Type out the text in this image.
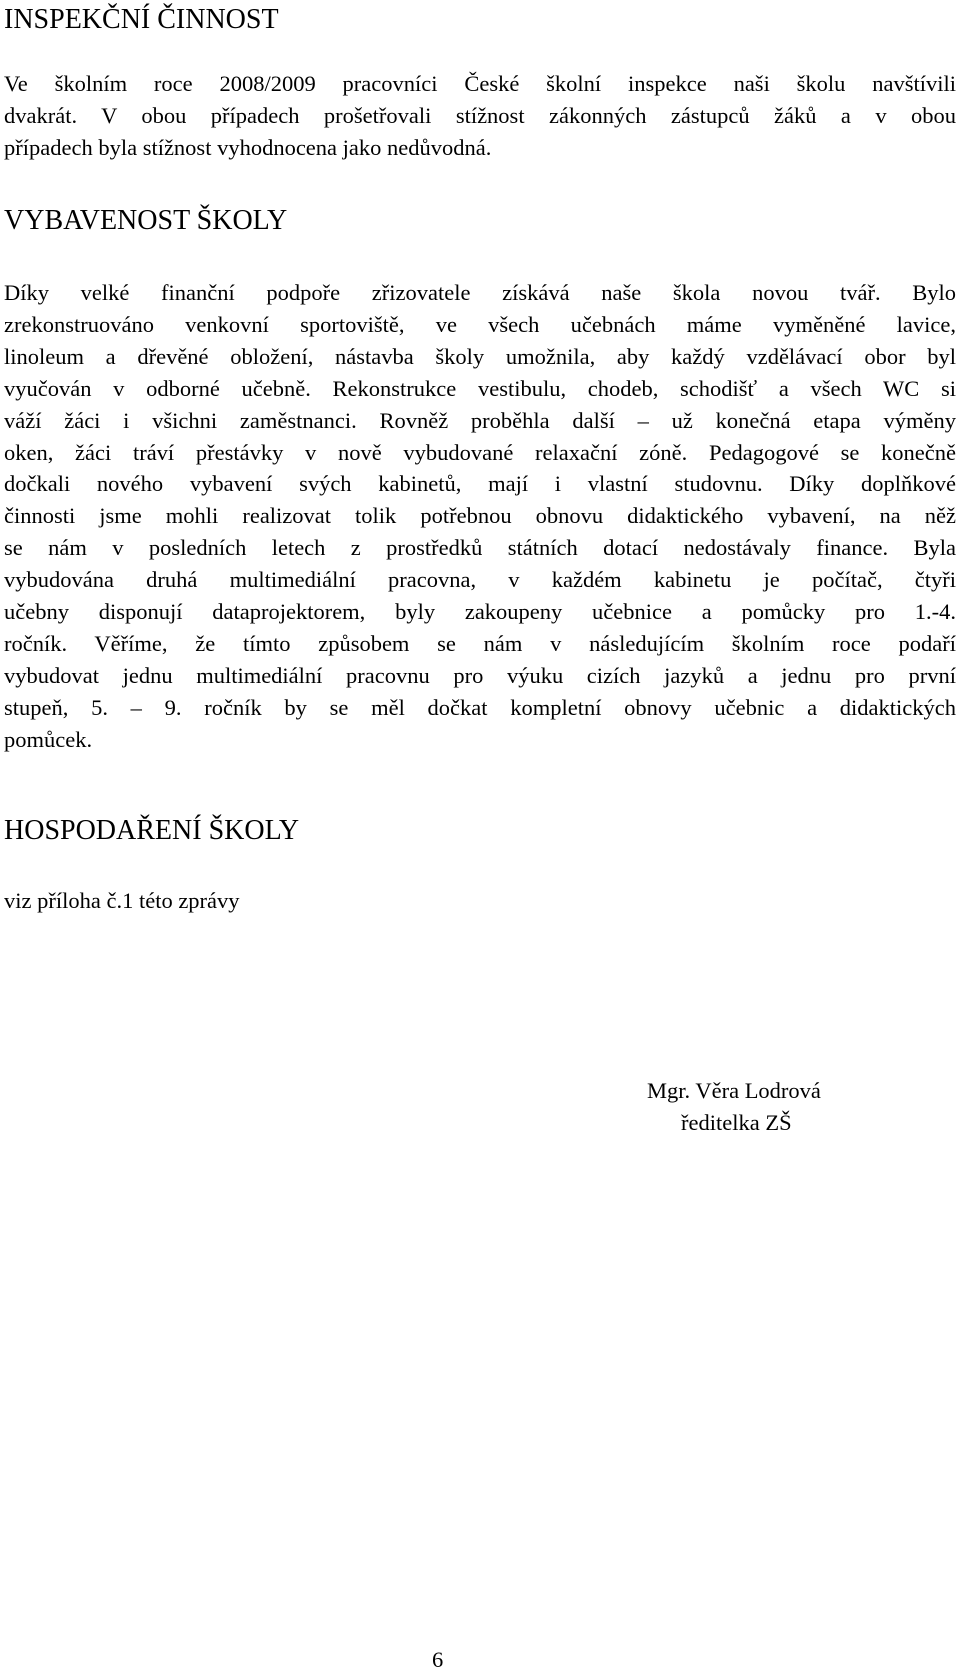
INSPEKČNÍ ČINNOST
Ve školním roce 2008/2009 pracovníci České školní inspekce naši školu navštívili
dvakrát. V obou případech prošetřovali stížnost zákonných zástupců žáků a v obou
případech byla stížnost vyhodnocena jako nedůvodná.
VYBAVENOST ŠKOLY
Díky velké finanční podpoře zřizovatele získává naše škola novou tvář. Bylo
zrekonstruováno venkovní sportoviště, ve všech učebnách máme vyměněné lavice,
linoleum a dřevěné obložení, nástavba školy umožnila, aby každý vzdělávací obor byl
vyučován v odborné učebně. Rekonstrukce vestibulu, chodeb, schodišť a všech WC si
váží žáci i všichni zaměstnanci. Rovněž proběhla další – už konečná etapa výměny
oken, žáci tráví přestávky v nově vybudované relaxační zóně. Pedagogové se konečně
dočkali nového vybavení svých kabinetů, mají i vlastní studovnu. Díky doplňkové
činnosti jsme mohli realizovat tolik potřebnou obnovu didaktického vybavení, na něž
se nám v posledních letech z prostředků státních dotací nedostávaly finance. Byla
vybudována druhá multimediální pracovna, v každém kabinetu je počítač, čtyři
učebny disponují dataprojektorem, byly zakoupeny učebnice a pomůcky pro 1.-4.
ročník. Věříme, že tímto způsobem se nám v následujícím školním roce podaří
vybudovat jednu multimediální pracovnu pro výuku cizích jazyků a jednu pro první
stupeň, 5. – 9. ročník by se měl dočkat kompletní obnovy učebnic a didaktických
pomůcek.
HOSPODAŘENÍ ŠKOLY

viz příloha č.1 této zprávy

Mgr. Věra Lodrová
ředitelka ZŠ
6
